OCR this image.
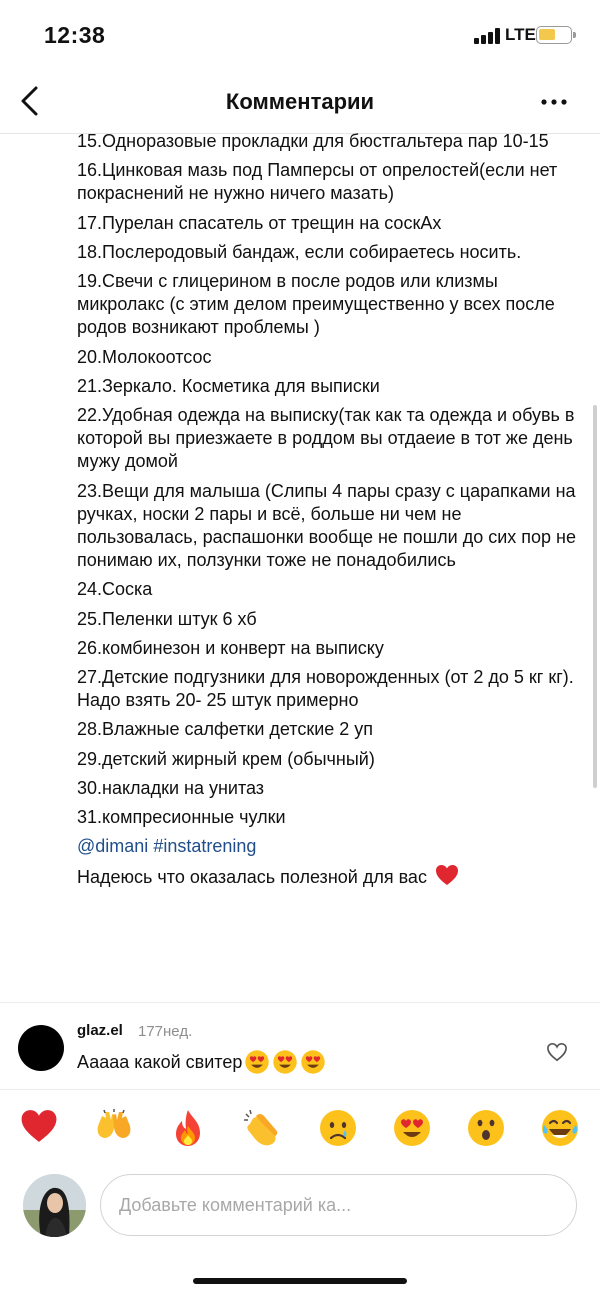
12:38	LTE
Комментарии
15.Одноразовые прокладки для бюстгальтера пар 10-15
16.Цинковая мазь под Памперсы от опрелостей(если нет покраснений не нужно ничего мазать)
17.Пурелан спасатель от трещин на соскАх
18.Послеродовый бандаж, если собираетесь носить.
19.Свечи с глицерином в после родов или клизмы микролакс (с этим делом преимущественно у всех после родов возникают проблемы )
20.Молокоотсос
21.Зеркало. Косметика для выписки
22.Удобная одежда на выписку(так как та одежда и обувь в которой вы приезжаете в роддом вы отдаеие в тот же день мужу домой
23.Вещи для малыша (Слипы 4 пары сразу с царапками на ручках, носки 2 пары и всё, больше ни чем не пользовалась, распашонки вообще не пошли до сих пор не понимаю их, ползунки тоже не понадобились
24.Соска
25.Пеленки штук 6 хб
26.комбинезон и конверт на выписку
27.Детские подгузники для новорожденных (от 2 до 5 кг кг). Надо взять 20- 25 штук примерно
28.Влажные салфетки детские 2 уп
29.детский жирный крем (обычный)
30.накладки на унитаз
31.компресионные чулки
@dimani #instatrening
Надеюсь что оказалась полезной для вас
glaz.el 177нед.
Ааааа какой свитер
Добавьте комментарий ка...
